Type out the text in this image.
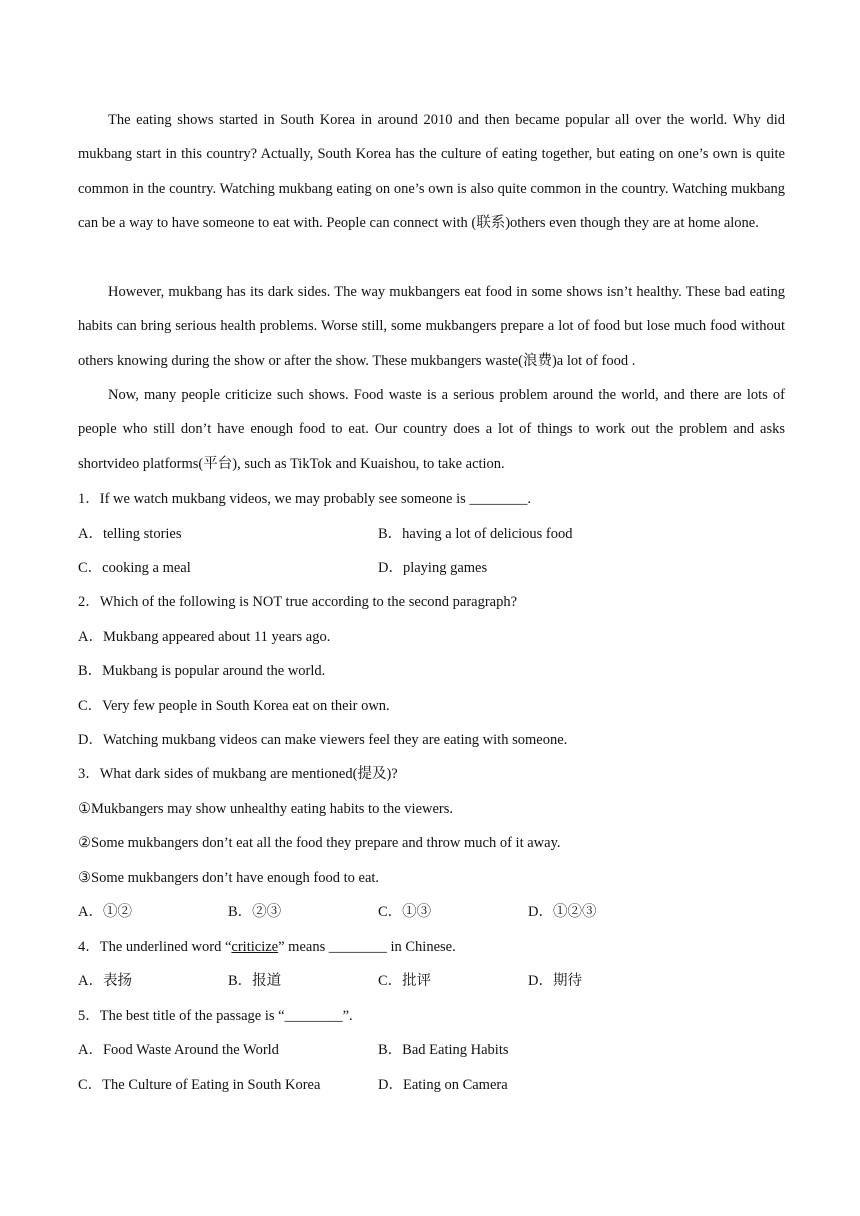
The eating shows started in South Korea in around 2010 and then became popular all over the world. Why did mukbang start in this country? Actually, South Korea has the culture of eating together, but eating on one’s own is quite common in the country. Watching mukbang eating on one’s own is also quite common in the country. Watching mukbang can be a way to have someone to eat with. People can connect with (联系)others even though they are at home alone.

However, mukbang has its dark sides. The way mukbangers eat food in some shows isn’t healthy. These bad eating habits can bring serious health problems. Worse still, some mukbangers prepare a lot of food but lose much food without others knowing during the show or after the show. These mukbangers waste(浪费)a lot of food .

Now, many people criticize such shows. Food waste is a serious problem around the world, and there are lots of people who still don’t have enough food to eat. Our country does a lot of things to work out the problem and asks shortvideo platforms(平台), such as TikTok and Kuaishou, to take action.

1．If we watch mukbang videos, we may probably see someone is ________.
A．telling stories	B．having a lot of delicious food
C．cooking a meal	D．playing games
2．Which of the following is NOT true according to the second paragraph?
A．Mukbang appeared about 11 years ago.
B．Mukbang is popular around the world.
C．Very few people in South Korea eat on their own.
D．Watching mukbang videos can make viewers feel they are eating with someone.
3．What dark sides of mukbang are mentioned(提及)?
①Mukbangers may show unhealthy eating habits to the viewers.
②Some mukbangers don’t eat all the food they prepare and throw much of it away.
③Some mukbangers don’t have enough food to eat.
A．①②	B．②③	C．①③	D．①②③
4．The underlined word “criticize” means ________ in Chinese.
A．表扬	B．报道	C．批评	D．期待
5．The best title of the passage is “________”.
A．Food Waste Around the World	B．Bad Eating Habits
C．The Culture of Eating in South Korea	D．Eating on Camera
